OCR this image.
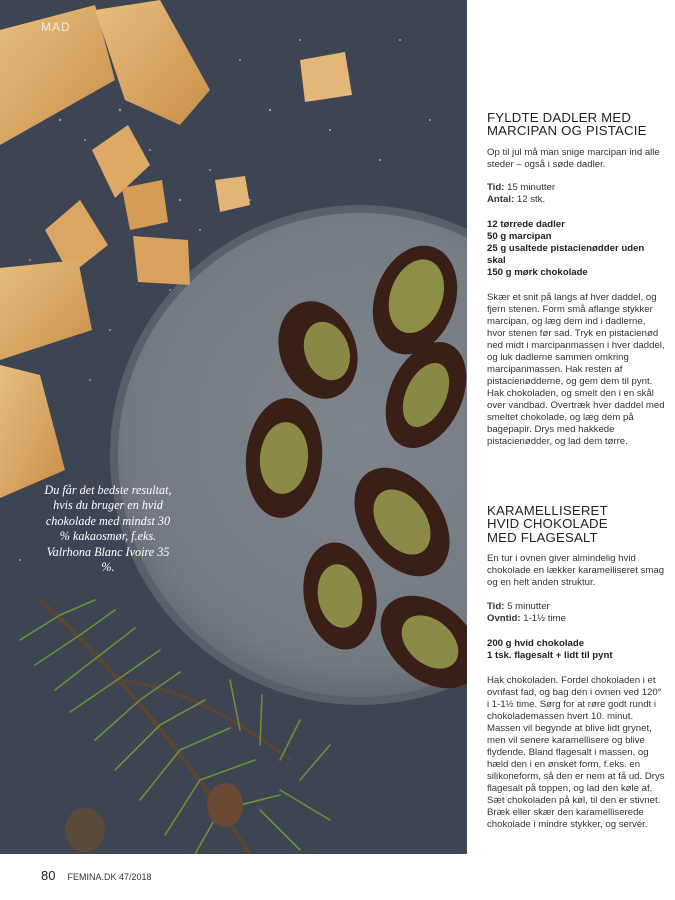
MAD
Du får det bedste resultat, hvis du bruger en hvid chokolade med mindst 30 % kakaosmør, f.eks. Valrhona Blanc Ivoire 35 %.

FYLDTE DADLER MED

MARCIPAN OG PISTACIE

Op til jul må man snige marcipan ind alle steder – også i søde dadler.

Tid: 15 minutter

Antal: 12 stk.

12 tørrede dadler

50 g marcipan

25 g usaltede pistacienødder uden skal

150 g mørk chokolade

Skær et snit på langs af hver daddel, og fjern stenen. Form små aflange stykker marcipan, og læg dem ind i dadlerne, hvor stenen før sad. Tryk en pistacienød ned midt i marcipanmassen i hver daddel, og luk dadlerne sammen omkring marcipanmassen. Hak resten af pistacienødderne, og gem dem til pynt. Hak chokoladen, og smelt den i en skål over vandbad. Overtræk hver daddel med smeltet chokolade, og læg dem på bagepapir. Drys med hakkede pistacienødder, og lad dem tørre.

KARAMELLISERET

HVID CHOKOLADE

MED FLAGESALT

En tur i ovnen giver almindelig hvid chokolade en lækker karamelliseret smag og en helt anden struktur.

Tid: 5 minutter

Ovntid: 1-1½ time

200 g hvid chokolade

1 tsk. flagesalt + lidt til pynt

Hak chokoladen. Fordel chokoladen i et ovnfast fad, og bag den i ovnen ved 120° i 1-1½ time. Sørg for at røre godt rundt i chokolademassen hvert 10. minut. Massen vil begynde at blive lidt grynet, men vil senere karamellisere og blive flydende. Bland flagesalt i massen, og hæld den i en ønsket form, f.eks. en silikoneform, så den er nem at få ud. Drys flagesalt på toppen, og lad den køle af. Sæt chokoladen på køl, til den er stivnet. Bræk eller skær den karamelliserede chokolade i mindre stykker, og servér.

80 FEMINA.DK 47/2018
